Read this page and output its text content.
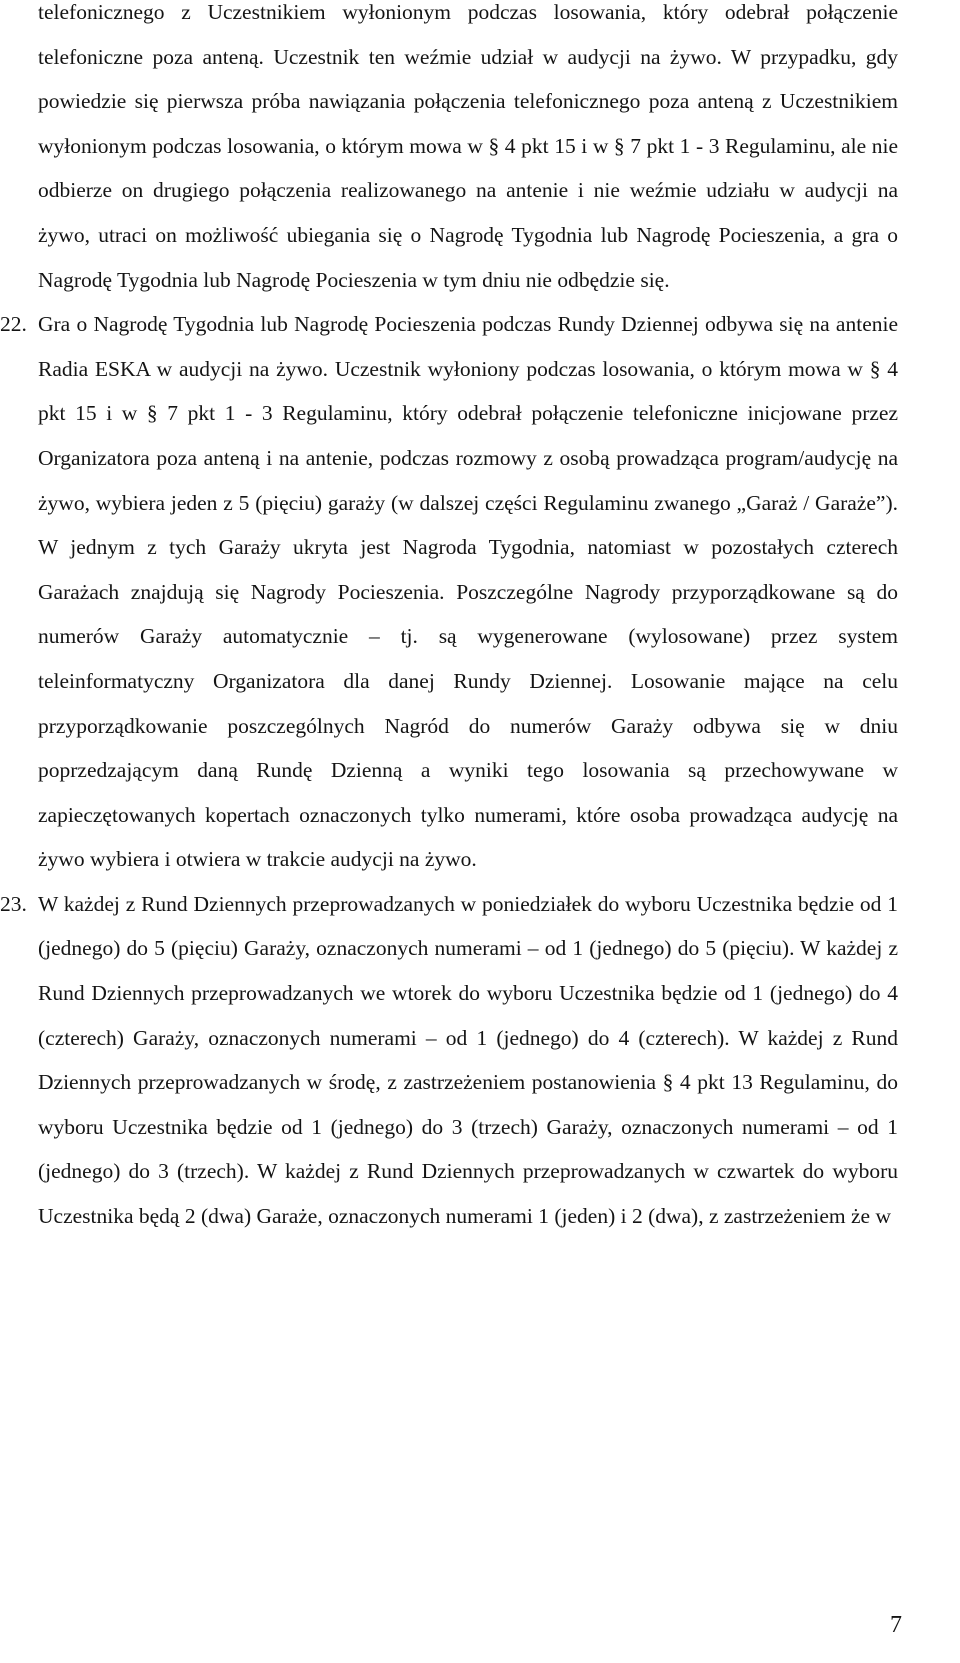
telefonicznego z Uczestnikiem wyłonionym podczas losowania, który odebrał połączenie telefoniczne poza anteną. Uczestnik ten weźmie udział w audycji na żywo. W przypadku, gdy powiedzie się pierwsza próba nawiązania połączenia telefonicznego poza anteną z Uczestnikiem wyłonionym podczas losowania, o którym mowa w § 4 pkt 15 i w § 7 pkt 1 - 3 Regulaminu, ale nie odbierze on drugiego połączenia realizowanego na antenie i nie weźmie udziału w audycji na żywo, utraci on możliwość ubiegania się o Nagrodę Tygodnia lub Nagrodę Pocieszenia, a gra o Nagrodę Tygodnia lub Nagrodę Pocieszenia w tym dniu nie odbędzie się.

22. Gra o Nagrodę Tygodnia lub Nagrodę Pocieszenia podczas Rundy Dziennej odbywa się na antenie Radia ESKA w audycji na żywo. Uczestnik wyłoniony podczas losowania, o którym mowa w § 4 pkt 15 i w § 7 pkt 1 - 3 Regulaminu, który odebrał połączenie telefoniczne inicjowane przez Organizatora poza anteną i na antenie, podczas rozmowy z osobą prowadząca program/audycję na żywo, wybiera jeden z 5 (pięciu) garaży (w dalszej części Regulaminu zwanego „Garaż / Garaże”). W jednym z tych Garaży ukryta jest Nagroda Tygodnia, natomiast w pozostałych czterech Garażach znajdują się Nagrody Pocieszenia. Poszczególne Nagrody przyporządkowane są do numerów Garaży automatycznie – tj. są wygenerowane (wylosowane) przez system teleinformatyczny Organizatora dla danej Rundy Dziennej. Losowanie mające na celu przyporządkowanie poszczególnych Nagród do numerów Garaży odbywa się w dniu poprzedzającym daną Rundę Dzienną a wyniki tego losowania są przechowywane w zapieczętowanych kopertach oznaczonych tylko numerami, które osoba prowadząca audycję na żywo wybiera i otwiera w trakcie audycji na żywo.

23. W każdej z Rund Dziennych przeprowadzanych w poniedziałek do wyboru Uczestnika będzie od 1 (jednego) do 5 (pięciu) Garaży, oznaczonych numerami – od 1 (jednego) do 5 (pięciu). W każdej z Rund Dziennych przeprowadzanych we wtorek do wyboru Uczestnika będzie od 1 (jednego) do 4 (czterech) Garaży, oznaczonych numerami – od 1 (jednego) do 4 (czterech). W każdej z Rund Dziennych przeprowadzanych w środę, z zastrzeżeniem postanowienia § 4 pkt 13 Regulaminu, do wyboru Uczestnika będzie od 1 (jednego) do 3 (trzech) Garaży, oznaczonych numerami – od 1 (jednego) do 3 (trzech). W każdej z Rund Dziennych przeprowadzanych w czwartek do wyboru Uczestnika będą 2 (dwa) Garaże, oznaczonych numerami 1 (jeden) i 2 (dwa), z zastrzeżeniem że w

7
